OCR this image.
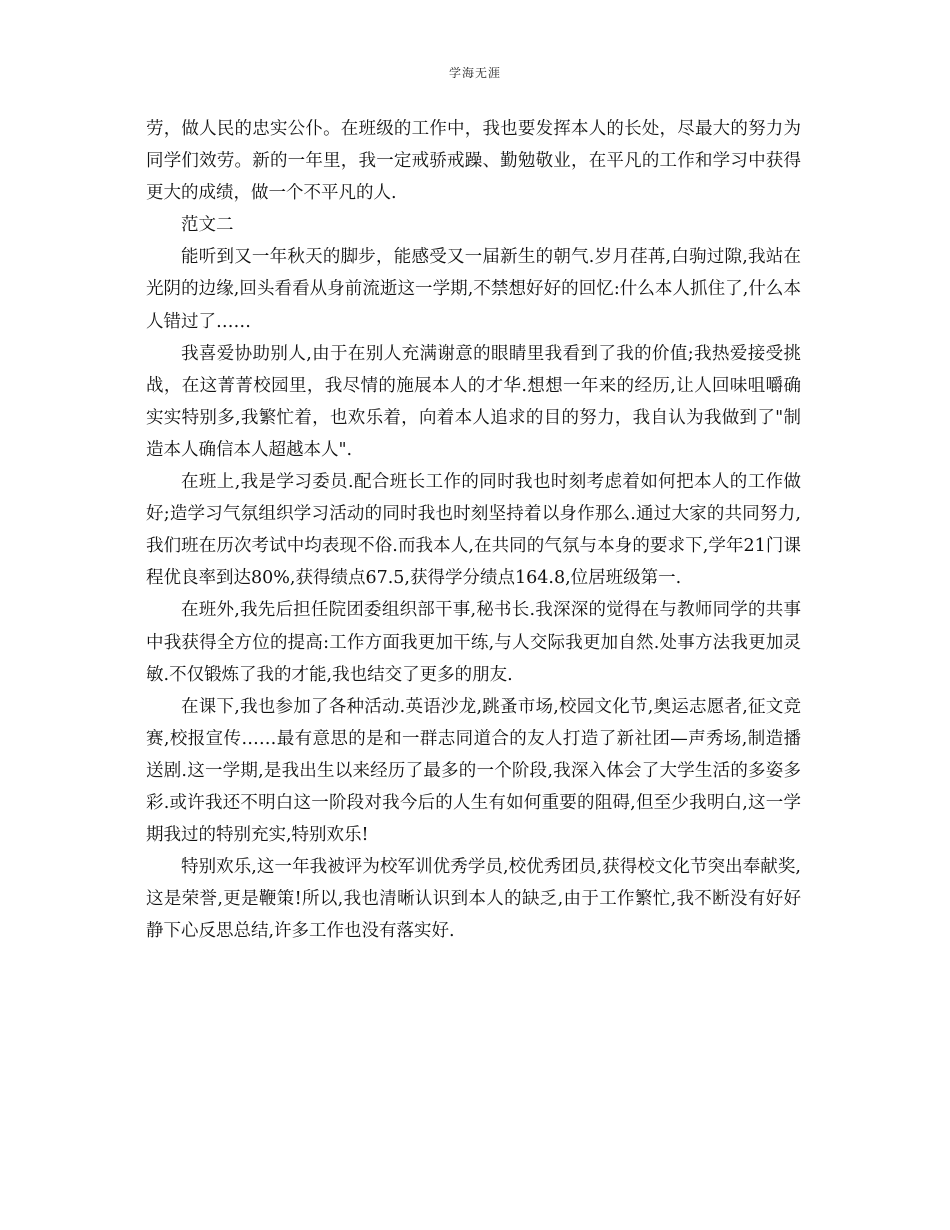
学海无涯

劳，做人民的忠实公仆。在班级的工作中，我也要发挥本人的长处，尽最大的努力为同学们效劳。新的一年里，我一定戒骄戒躁、勤勉敬业，在平凡的工作和学习中获得更大的成绩，做一个不平凡的人.

范文二

能听到又一年秋天的脚步，能感受又一届新生的朝气.岁月荏苒,白驹过隙,我站在光阴的边缘,回头看看从身前流逝这一学期,不禁想好好的回忆:什么本人抓住了,什么本人错过了……

我喜爱协助别人,由于在别人充满谢意的眼睛里我看到了我的价值;我热爱接受挑战，在这菁菁校园里，我尽情的施展本人的才华.想想一年来的经历,让人回味咀嚼确实实特别多,我繁忙着，也欢乐着，向着本人追求的目的努力，我自认为我做到了"制造本人确信本人超越本人".

在班上,我是学习委员.配合班长工作的同时我也时刻考虑着如何把本人的工作做好;造学习气氛组织学习活动的同时我也时刻坚持着以身作那么.通过大家的共同努力,我们班在历次考试中均表现不俗.而我本人,在共同的气氛与本身的要求下,学年21门课程优良率到达80%,获得绩点67.5,获得学分绩点164.8,位居班级第一.

在班外,我先后担任院团委组织部干事,秘书长.我深深的觉得在与教师同学的共事中我获得全方位的提高:工作方面我更加干练,与人交际我更加自然.处事方法我更加灵敏.不仅锻炼了我的才能,我也结交了更多的朋友.

在课下,我也参加了各种活动.英语沙龙,跳蚤市场,校园文化节,奥运志愿者,征文竞赛,校报宣传……最有意思的是和一群志同道合的友人打造了新社团—声秀场,制造播送剧.这一学期,是我出生以来经历了最多的一个阶段,我深入体会了大学生活的多姿多彩.或许我还不明白这一阶段对我今后的人生有如何重要的阻碍,但至少我明白,这一学期我过的特别充实,特别欢乐!

特别欢乐,这一年我被评为校军训优秀学员,校优秀团员,获得校文化节突出奉献奖,这是荣誉,更是鞭策!所以,我也清晰认识到本人的缺乏,由于工作繁忙,我不断没有好好静下心反思总结,许多工作也没有落实好.
